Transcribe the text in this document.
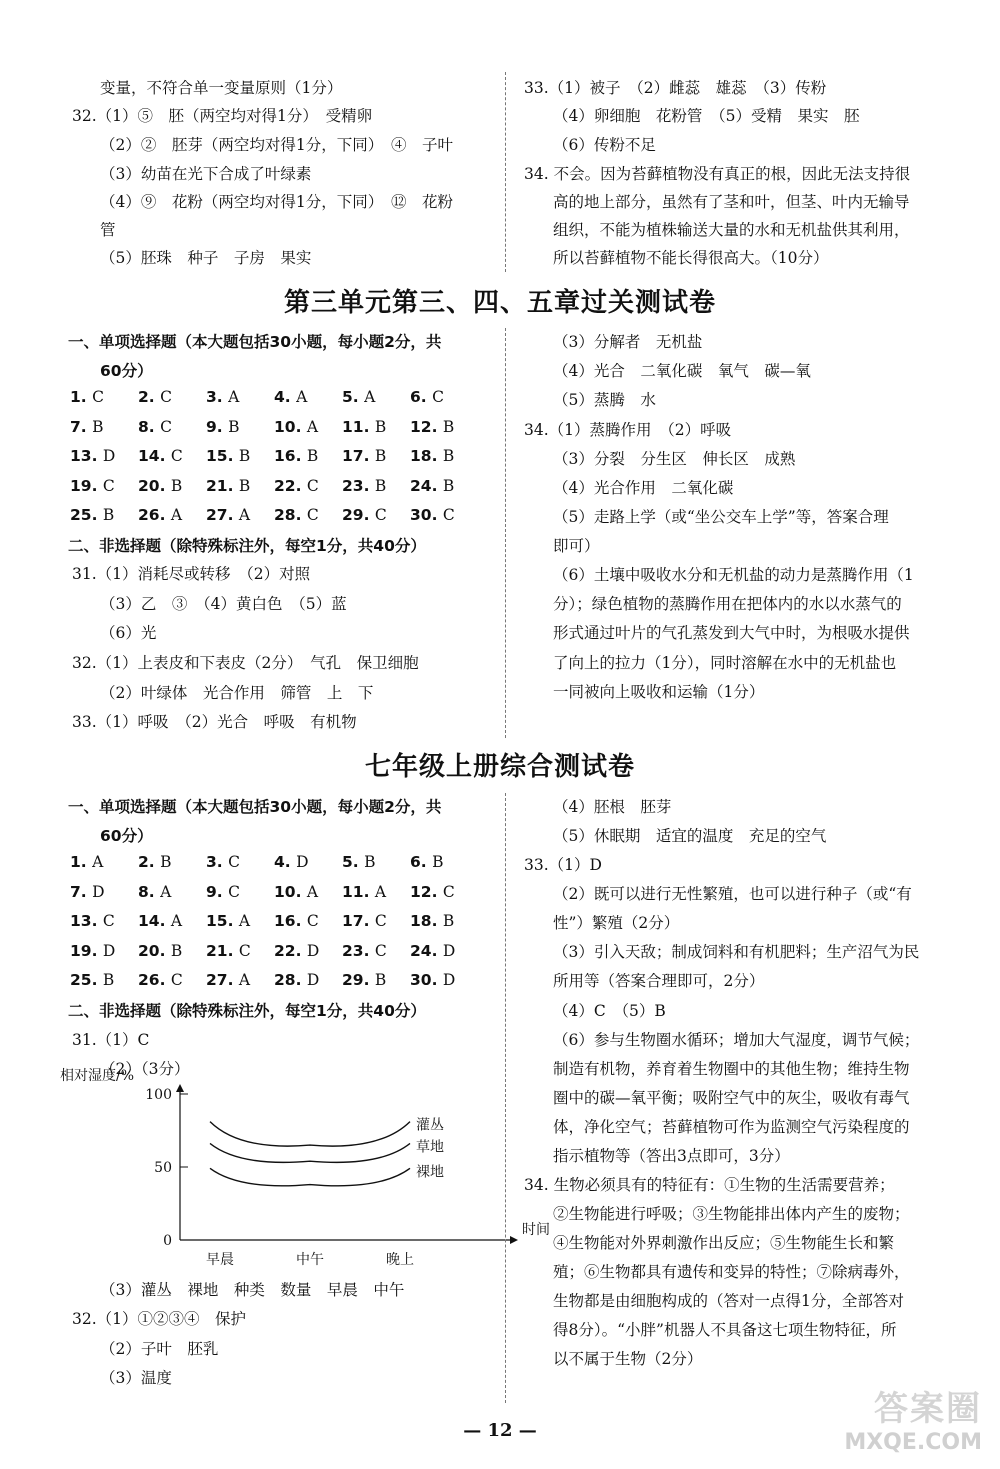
变量，不符合单一变量原则（1分）
32.（1）⑤　胚（两空均对得1分）　受精卵
（2）②　胚芽（两空均对得1分，下同）　④　子叶
（3）幼苗在光下合成了叶绿素
（4）⑨　花粉（两空均对得1分，下同）　⑫　花粉
管
（5）胚珠　种子　子房　果实
33.（1）被子　（2）雌蕊　雄蕊　（3）传粉
（4）卵细胞　花粉管　（5）受精　果实　胚
（6）传粉不足
34. 不会。因为苔藓植物没有真正的根，因此无法支持很
高的地上部分，虽然有了茎和叶，但茎、叶内无输导
组织，不能为植株输送大量的水和无机盐供其利用，
所以苔藓植物不能长得很高大。（10分）
第三单元第三、四、五章过关测试卷
一、单项选择题（本大题包括30小题，每小题2分，共
60分）
1. C 2. C 3. A 4. A 5. A 6. C
7. B 8. C 9. B 10. A 11. B 12. B
13. D 14. C 15. B 16. B 17. B 18. B
19. C 20. B 21. B 22. C 23. B 24. B
25. B 26. A 27. A 28. C 29. C 30. C
二、非选择题（除特殊标注外，每空1分，共40分）
31.（1）消耗尽或转移　（2）对照
（3）乙　③　（4）黄白色　（5）蓝
（6）光
32.（1）上表皮和下表皮（2分）　气孔　保卫细胞
（2）叶绿体　光合作用　筛管　上　下
33.（1）呼吸　（2）光合　呼吸　有机物
（3）分解者　无机盐
（4）光合　二氧化碳　氧气　碳—氧
（5）蒸腾　水
34.（1）蒸腾作用　（2）呼吸
（3）分裂　分生区　伸长区　成熟
（4）光合作用　二氧化碳
（5）走路上学（或“坐公交车上学”等，答案合理
即可）
（6）土壤中吸收水分和无机盐的动力是蒸腾作用（1
分）；绿色植物的蒸腾作用在把体内的水以水蒸气的
形式通过叶片的气孔蒸发到大气中时，为根吸水提供
了向上的拉力（1分），同时溶解在水中的无机盐也
一同被向上吸收和运输（1分）
七年级上册综合测试卷
一、单项选择题（本大题包括30小题，每小题2分，共
60分）
1. A 2. B 3. C 4. D 5. B 6. B
7. D 8. A 9. C 10. A 11. A 12. C
13. C 14. A 15. A 16. C 17. C 18. B
19. D 20. B 21. C 22. D 23. C 24. D
25. B 26. C 27. A 28. D 29. B 30. D
二、非选择题（除特殊标注外，每空1分，共40分）
31.（1）C
（2）（3分）
相对湿度/%
时间
100
50
0
早晨	中午	晚上
灌丛
草地
裸地
（3）灌丛　裸地　种类　数量　早晨　中午
32.（1）①②③④　保护
（2）子叶　胚乳
（3）温度
（4）胚根　胚芽
（5）休眠期　适宜的温度　充足的空气
33.（1）D
（2）既可以进行无性繁殖，也可以进行种子（或“有
性”）繁殖（2分）
（3）引入天敌；制成饲料和有机肥料；生产沼气为民
所用等（答案合理即可，2分）
（4）C　（5）B
（6）参与生物圈水循环；增加大气湿度，调节气候；
制造有机物，养育着生物圈中的其他生物；维持生物
圈中的碳—氧平衡；吸附空气中的灰尘，吸收有毒气
体，净化空气；苔藓植物可作为监测空气污染程度的
指示植物等（答出3点即可，3分）
34. 生物必须具有的特征有：①生物的生活需要营养；
②生物能进行呼吸；③生物能排出体内产生的废物；
④生物能对外界刺激作出反应；⑤生物能生长和繁
殖；⑥生物都具有遗传和变异的特性；⑦除病毒外，
生物都是由细胞构成的（答对一点得1分，全部答对
得8分）。“小胖”机器人不具备这七项生物特征，所
以不属于生物（2分）
— 12 —
答案圈
MXQE.COM
